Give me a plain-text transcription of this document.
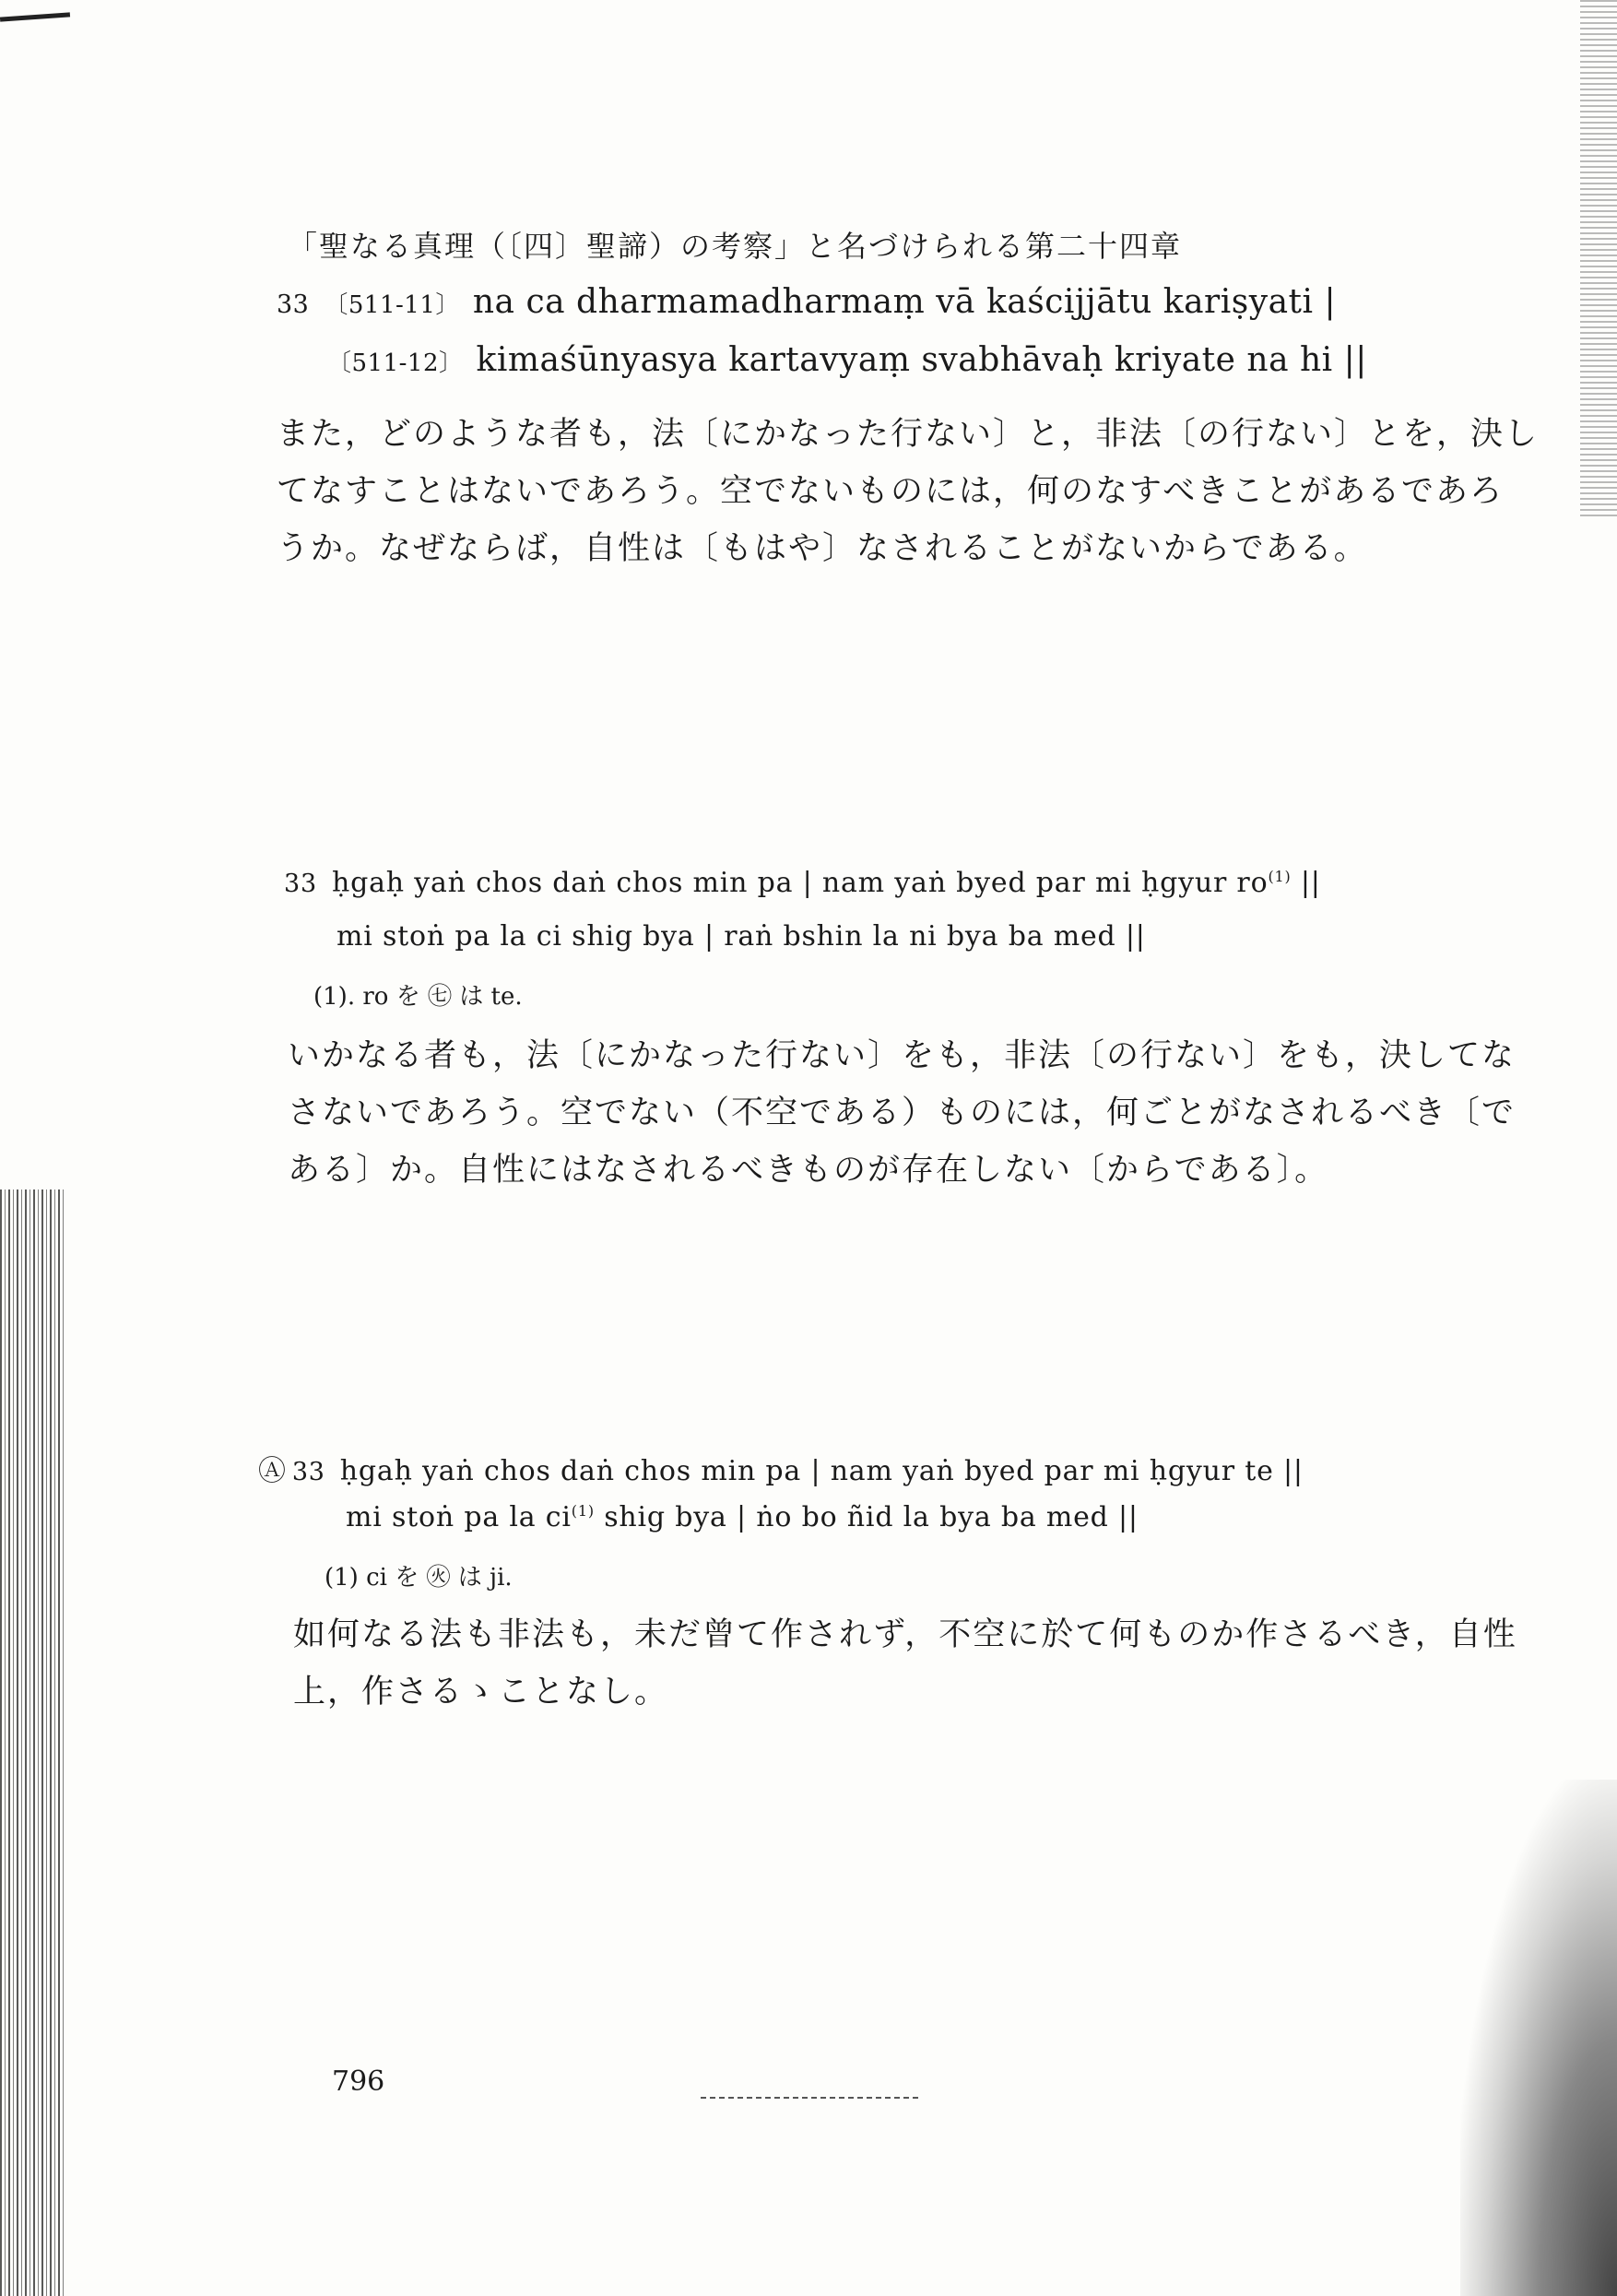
「聖なる真理（〔四〕聖諦）の考察」と名づけられる第二十四章
33 〔511-11〕 na ca dharmamadharmaṃ vā kaścijjātu kariṣyati |
〔511-12〕 kimaśūnyasya kartavyaṃ svabhāvaḥ kriyate na hi ||
また，どのような者も，法〔にかなった行ない〕と，非法〔の行ない〕とを，決し
てなすことはないであろう。空でないものには，何のなすべきことがあるであろ
うか。なぜならば，自性は〔もはや〕なされることがないからである。
33 ḥgaḥ yaṅ chos daṅ chos min pa | nam yaṅ byed par mi ḥgyur $ro^{(1)}$ ||
mi stoṅ pa la ci shig bya | raṅ bshin la ni bya ba med ||
(1). ro を ㊆ は te.
いかなる者も，法〔にかなった行ない〕をも，非法〔の行ない〕をも，決してな
さないであろう。空でない（不空である）ものには，何ごとがなされるべき〔で
ある〕か。自性にはなされるべきものが存在しない〔からである〕。
Ⓐ 33 ḥgaḥ yaṅ chos daṅ chos min pa | nam yaṅ byed par mi ḥgyur te ||
mi stoṅ pa la $ci^{(1)}$ shig bya | ṅo bo ñid la bya ba med ||
(1) ci を ㊋ は ji.
如何なる法も非法も，未だ曾て作されず，不空に於て何ものか作さるべき，自性
上，作さるゝことなし。
796
